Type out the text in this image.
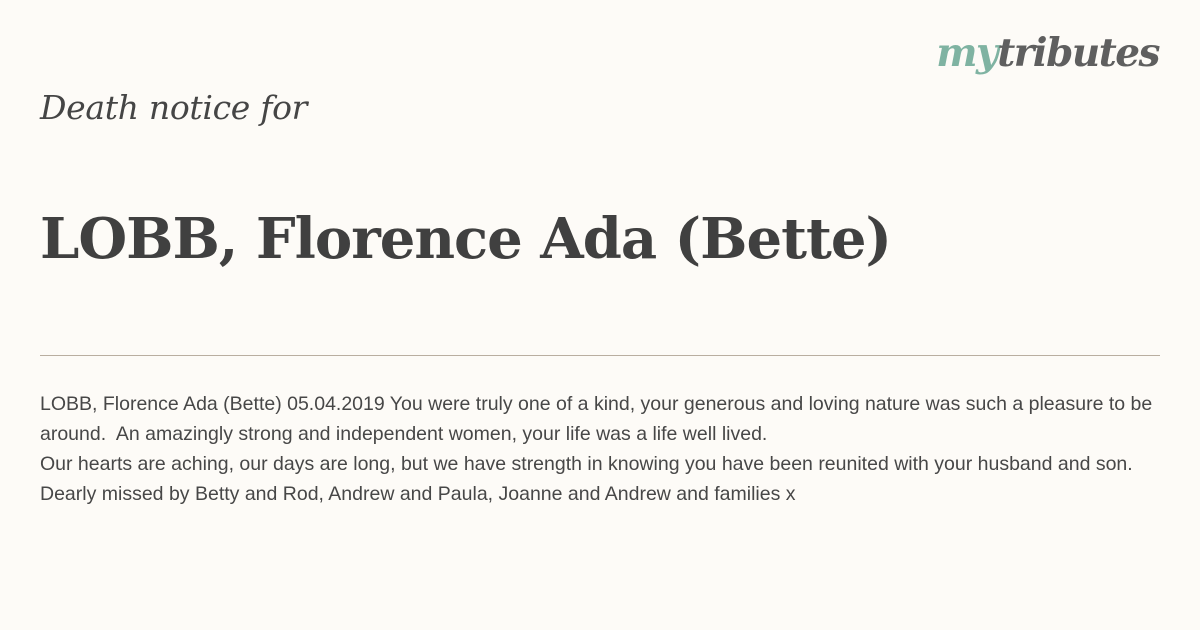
mytributes
Death notice for
LOBB, Florence Ada (Bette)

LOBB, Florence Ada (Bette) 05.04.2019 You were truly one of a kind, your generous and loving nature was such a pleasure to be around.  An amazingly strong and independent women, your life was a life well lived.

Our hearts are aching, our days are long, but we have strength in knowing you have been reunited with your husband and son.

Dearly missed by Betty and Rod, Andrew and Paula, Joanne and Andrew and families x
